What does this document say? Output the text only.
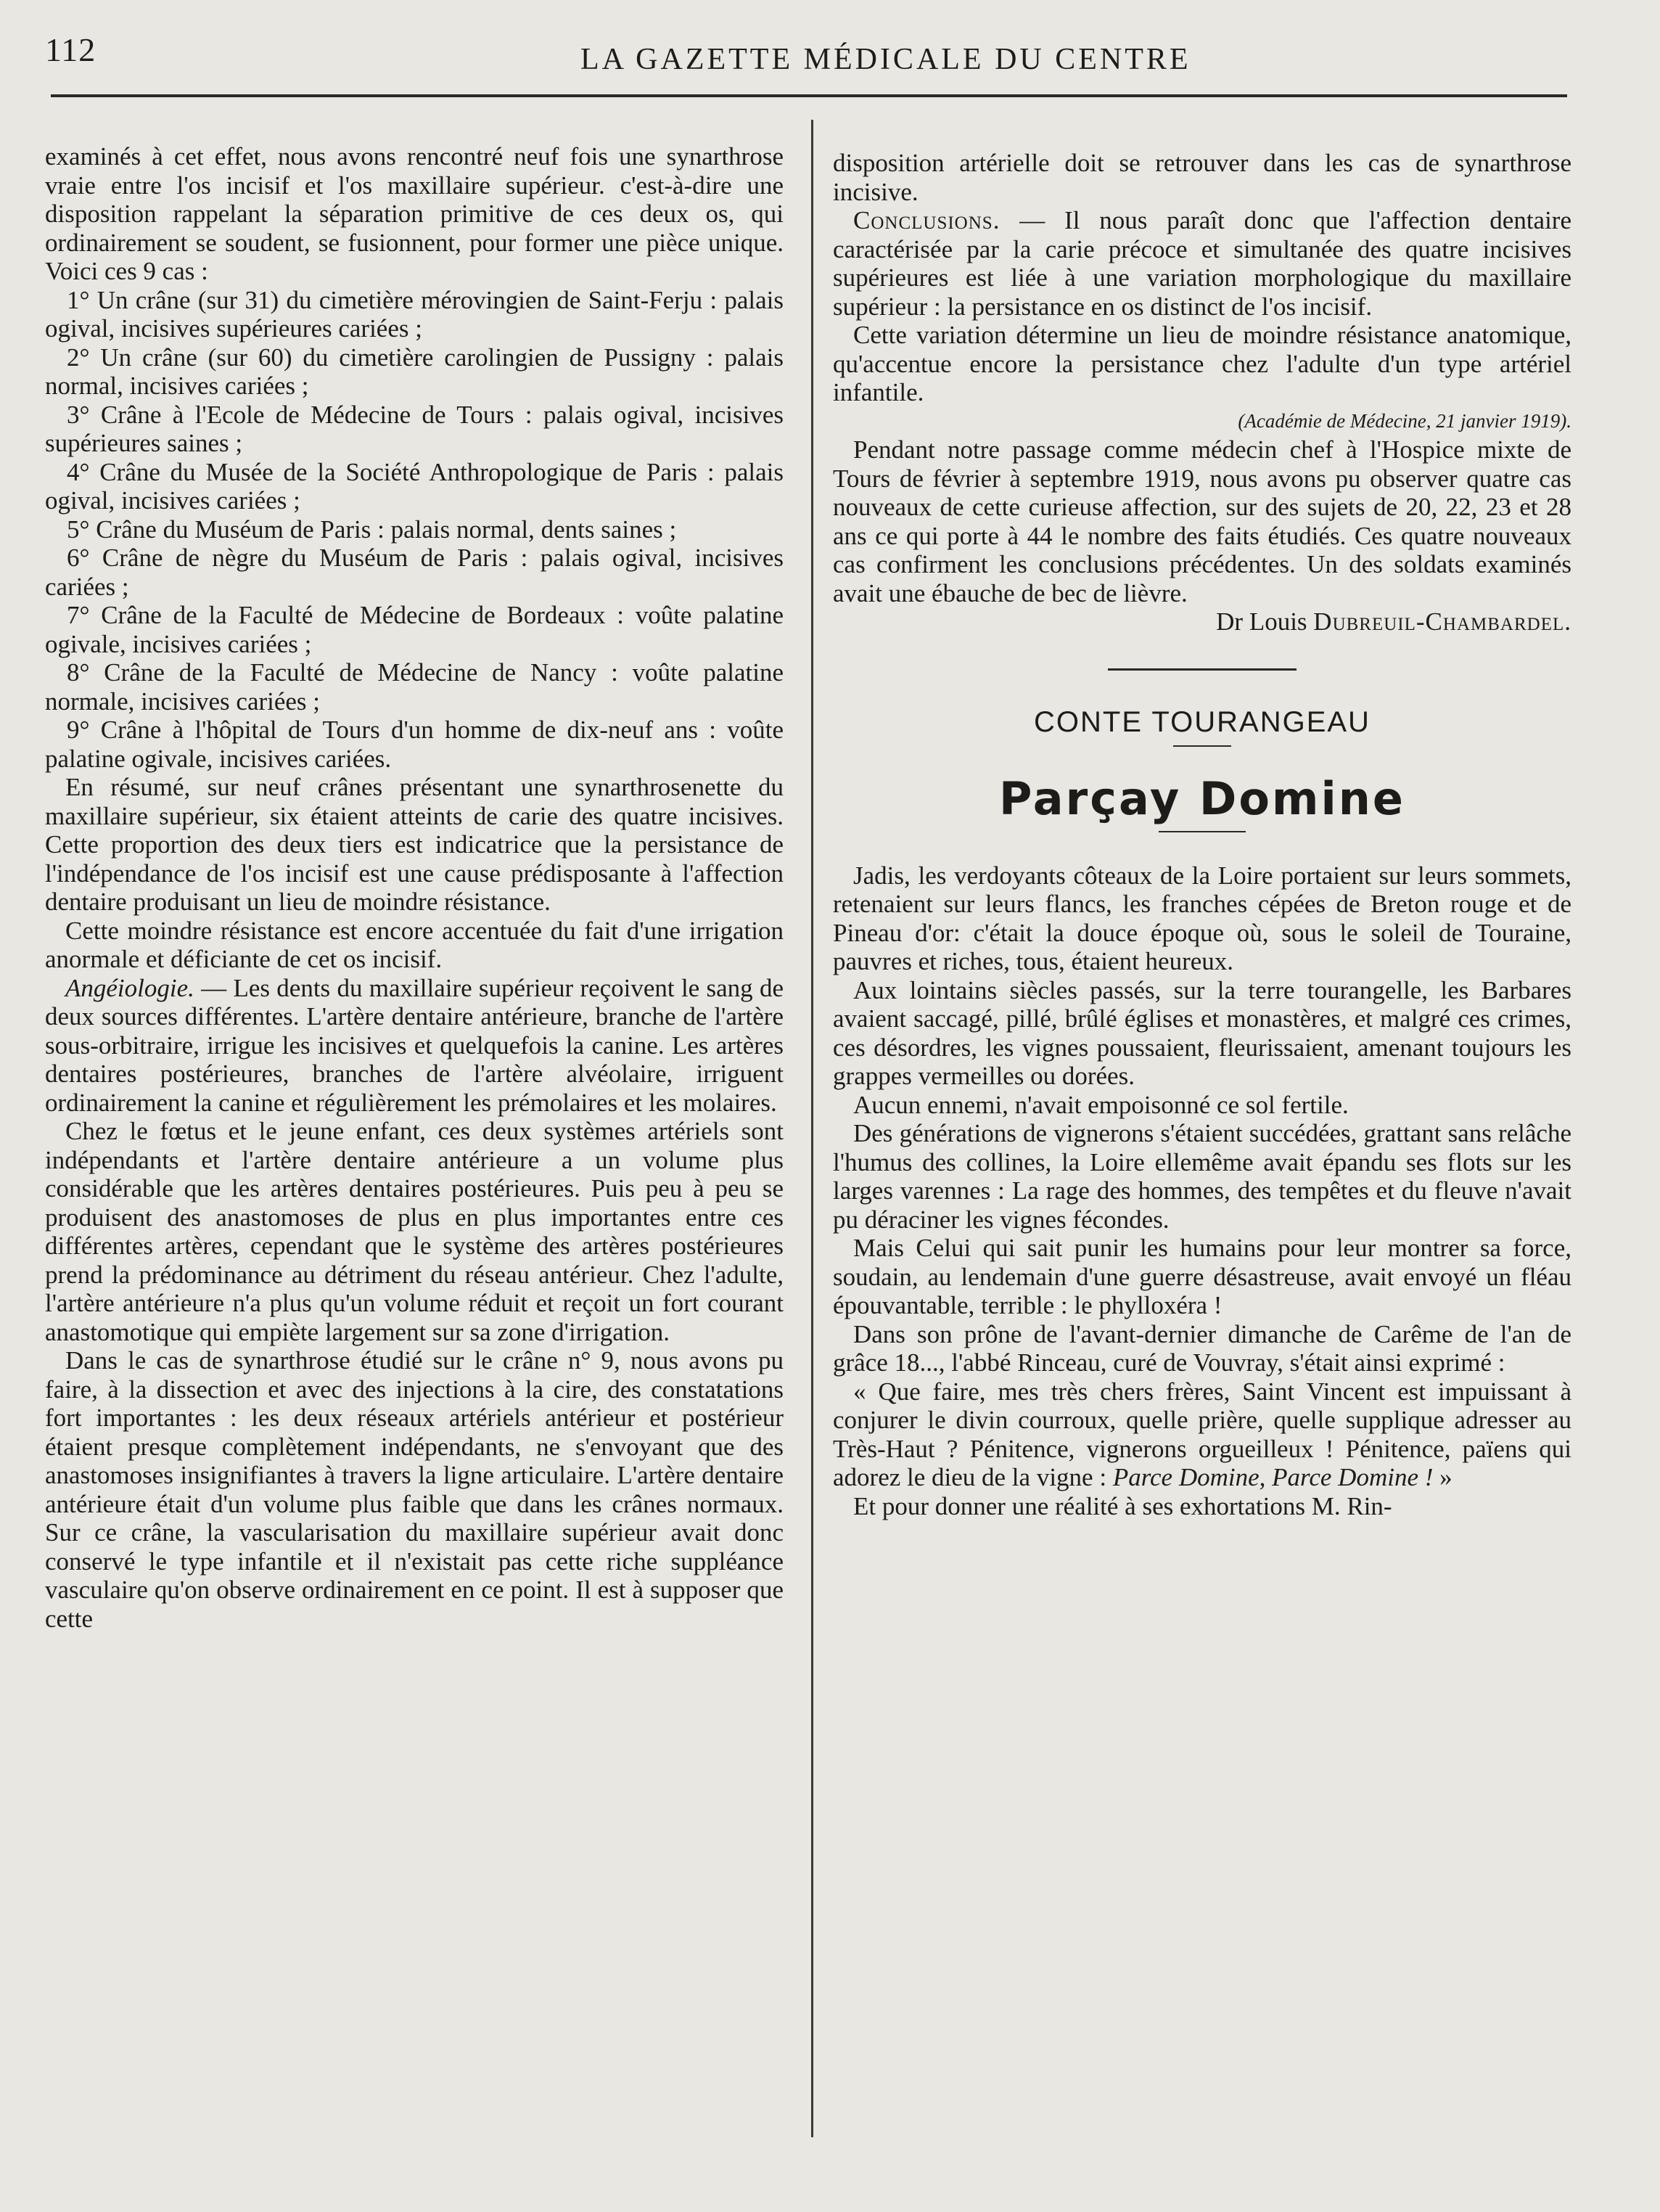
112	LA GAZETTE MÉDICALE DU CENTRE

examinés à cet effet, nous avons rencontré neuf fois une synarthrose vraie entre l'os incisif et l'os maxillaire supérieur. c'est-à-dire une disposition rappelant la séparation primitive de ces deux os, qui ordinairement se soudent, se fusionnent, pour former une pièce unique. Voici ces 9 cas :

1° Un crâne (sur 31) du cimetière mérovingien de Saint-Ferju : palais ogival, incisives supérieures cariées ;

2° Un crâne (sur 60) du cimetière carolingien de Pussigny : palais normal, incisives cariées ;

3° Crâne à l'Ecole de Médecine de Tours : palais ogival, incisives supérieures saines ;

4° Crâne du Musée de la Société Anthropologique de Paris : palais ogival, incisives cariées ;

5° Crâne du Muséum de Paris : palais normal, dents saines ;

6° Crâne de nègre du Muséum de Paris : palais ogival, incisives cariées ;

7° Crâne de la Faculté de Médecine de Bordeaux : voûte palatine ogivale, incisives cariées ;

8° Crâne de la Faculté de Médecine de Nancy : voûte palatine normale, incisives cariées ;

9° Crâne à l'hôpital de Tours d'un homme de dix-neuf ans : voûte palatine ogivale, incisives cariées.

En résumé, sur neuf crânes présentant une synarthrosenette du maxillaire supérieur, six étaient atteints de carie des quatre incisives. Cette proportion des deux tiers est indicatrice que la persistance de l'indépendance de l'os incisif est une cause prédisposante à l'affection dentaire produisant un lieu de moindre résistance.

Cette moindre résistance est encore accentuée du fait d'une irrigation anormale et déficiante de cet os incisif.

Angéiologie. — Les dents du maxillaire supérieur reçoivent le sang de deux sources différentes. L'artère dentaire antérieure, branche de l'artère sous-orbitraire, irrigue les incisives et quelquefois la canine. Les artères dentaires postérieures, branches de l'artère alvéolaire, irriguent ordinairement la canine et régulièrement les prémolaires et les molaires.

Chez le fœtus et le jeune enfant, ces deux systèmes artériels sont indépendants et l'artère dentaire antérieure a un volume plus considérable que les artères dentaires postérieures. Puis peu à peu se produisent des anastomoses de plus en plus importantes entre ces différentes artères, cependant que le système des artères postérieures prend la prédominance au détriment du réseau antérieur. Chez l'adulte, l'artère antérieure n'a plus qu'un volume réduit et reçoit un fort courant anastomotique qui empiète largement sur sa zone d'irrigation.

Dans le cas de synarthrose étudié sur le crâne n° 9, nous avons pu faire, à la dissection et avec des injections à la cire, des constatations fort importantes : les deux réseaux artériels antérieur et postérieur étaient presque complètement indépendants, ne s'envoyant que des anastomoses insignifiantes à travers la ligne articulaire. L'artère dentaire antérieure était d'un volume plus faible que dans les crânes normaux. Sur ce crâne, la vascularisation du maxillaire supérieur avait donc conservé le type infantile et il n'existait pas cette riche suppléance vasculaire qu'on observe ordinairement en ce point. Il est à supposer que cette

disposition artérielle doit se retrouver dans les cas de synarthrose incisive.

Conclusions. — Il nous paraît donc que l'affection dentaire caractérisée par la carie précoce et simultanée des quatre incisives supérieures est liée à une variation morphologique du maxillaire supérieur : la persistance en os distinct de l'os incisif.

Cette variation détermine un lieu de moindre résistance anatomique, qu'accentue encore la persistance chez l'adulte d'un type artériel infantile.

(Académie de Médecine, 21 janvier 1919).

Pendant notre passage comme médecin chef à l'Hospice mixte de Tours de février à septembre 1919, nous avons pu observer quatre cas nouveaux de cette curieuse affection, sur des sujets de 20, 22, 23 et 28 ans ce qui porte à 44 le nombre des faits étudiés. Ces quatre nouveaux cas confirment les conclusions précédentes. Un des soldats examinés avait une ébauche de bec de lièvre.

Dr Louis Dubreuil-Chambardel.

CONTE TOURANGEAU
Parçay Domine

Jadis, les verdoyants côteaux de la Loire portaient sur leurs sommets, retenaient sur leurs flancs, les franches cépées de Breton rouge et de Pineau d'or: c'était la douce époque où, sous le soleil de Touraine, pauvres et riches, tous, étaient heureux.

Aux lointains siècles passés, sur la terre tourangelle, les Barbares avaient saccagé, pillé, brûlé églises et monastères, et malgré ces crimes, ces désordres, les vignes poussaient, fleurissaient, amenant toujours les grappes vermeilles ou dorées.

Aucun ennemi, n'avait empoisonné ce sol fertile.

Des générations de vignerons s'étaient succédées, grattant sans relâche l'humus des collines, la Loire ellemême avait épandu ses flots sur les larges varennes : La rage des hommes, des tempêtes et du fleuve n'avait pu déraciner les vignes fécondes.

Mais Celui qui sait punir les humains pour leur montrer sa force, soudain, au lendemain d'une guerre désastreuse, avait envoyé un fléau épouvantable, terrible : le phylloxéra !

Dans son prône de l'avant-dernier dimanche de Carême de l'an de grâce 18..., l'abbé Rinceau, curé de Vouvray, s'était ainsi exprimé :

« Que faire, mes très chers frères, Saint Vincent est impuissant à conjurer le divin courroux, quelle prière, quelle supplique adresser au Très-Haut ? Pénitence, vignerons orgueilleux ! Pénitence, païens qui adorez le dieu de la vigne : Parce Domine, Parce Domine ! »

Et pour donner une réalité à ses exhortations M. Rin-
